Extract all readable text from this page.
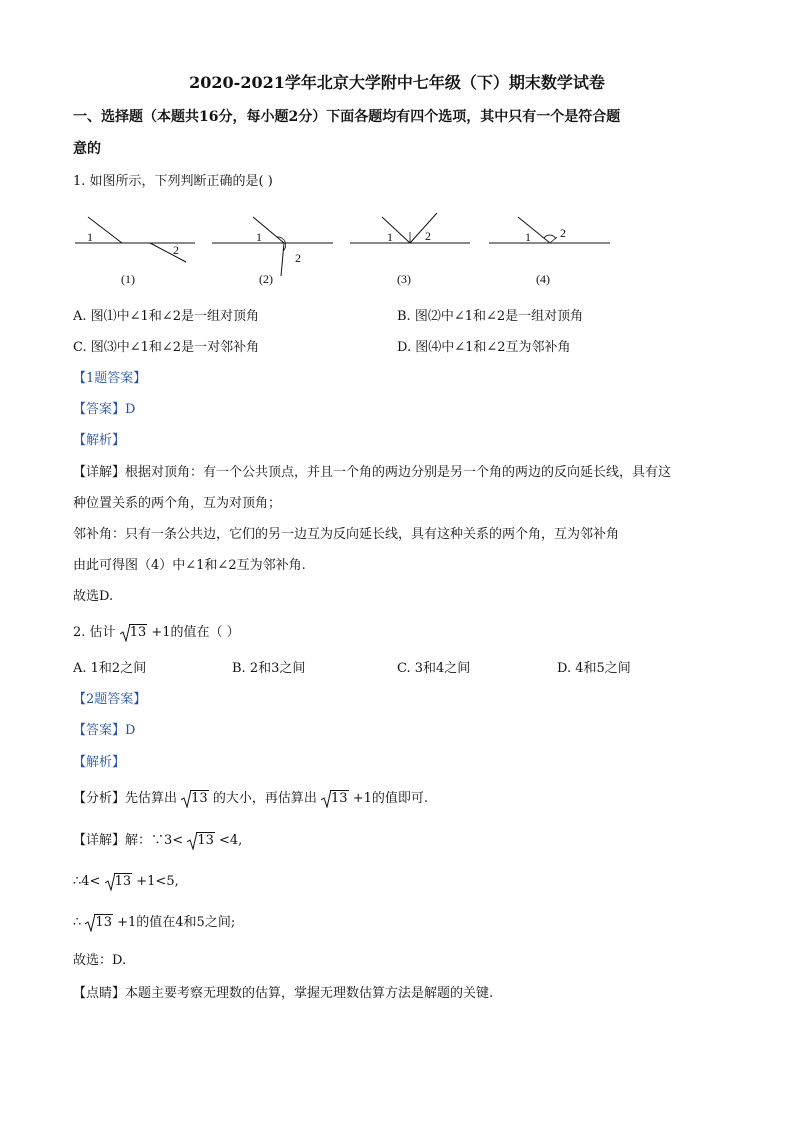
2020-2021学年北京大学附中七年级（下）期末数学试卷
一、选择题（本题共16分，每小题2分）下面各题均有四个选项，其中只有一个是符合题
意的
1. 如图所示，下列判断正确的是( )
1
2
(1)
1
2
(2)
1	2
(3)
1 2
(4)
A. 图⑴中∠1和∠2是一组对顶角	B. 图⑵中∠1和∠2是一组对顶角
C. 图⑶中∠1和∠2是一对邻补角	D. 图⑷中∠1和∠2互为邻补角
【1题答案】
【答案】D
【解析】
【详解】根据对顶角：有一个公共顶点，并且一个角的两边分别是另一个角的两边的反向延长线，具有这
种位置关系的两个角，互为对顶角；
邻补角：只有一条公共边，它们的另一边互为反向延长线，具有这种关系的两个角，互为邻补角
由此可得图（4）中∠1和∠2互为邻补角.
故选D.
2. 估计 13 +1的值在（ ）
A. 1和2之间	B. 2和3之间	C. 3和4之间	D. 4和5之间
【2题答案】
【答案】D
【解析】
【分析】先估算出 13 的大小，再估算出 13 +1的值即可.
【详解】解：∵3< 13 <4,
∴4< 13 +1<5,
∴ 13 +1的值在4和5之间;
故选：D.
【点睛】本题主要考察无理数的估算，掌握无理数估算方法是解题的关键.
